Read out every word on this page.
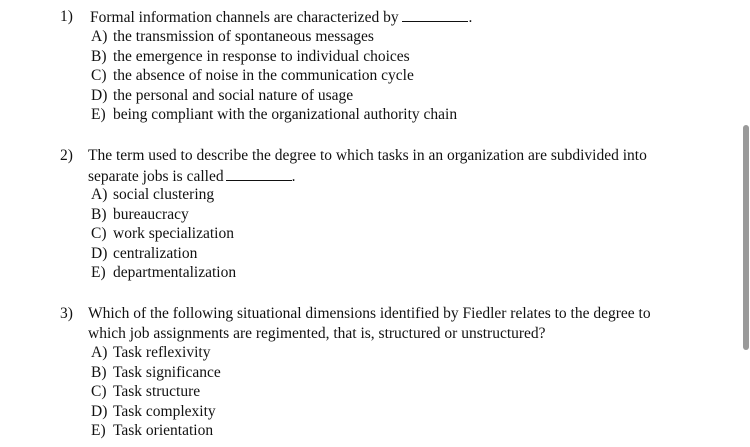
1) Formal information channels are characterized by	.
A) the transmission of spontaneous messages
B) the emergence in response to individual choices
C) the absence of noise in the communication cycle
D) the personal and social nature of usage
E) being compliant with the organizational authority chain
2) The term used to describe the degree to which tasks in an organization are subdivided into
separate jobs is called	.
A) social clustering
B) bureaucracy
C) work specialization
D) centralization
E) departmentalization
3) Which of the following situational dimensions identified by Fiedler relates to the degree to
which job assignments are regimented, that is, structured or unstructured?
A) Task reflexivity
B) Task significance
C) Task structure
D) Task complexity
E) Task orientation
